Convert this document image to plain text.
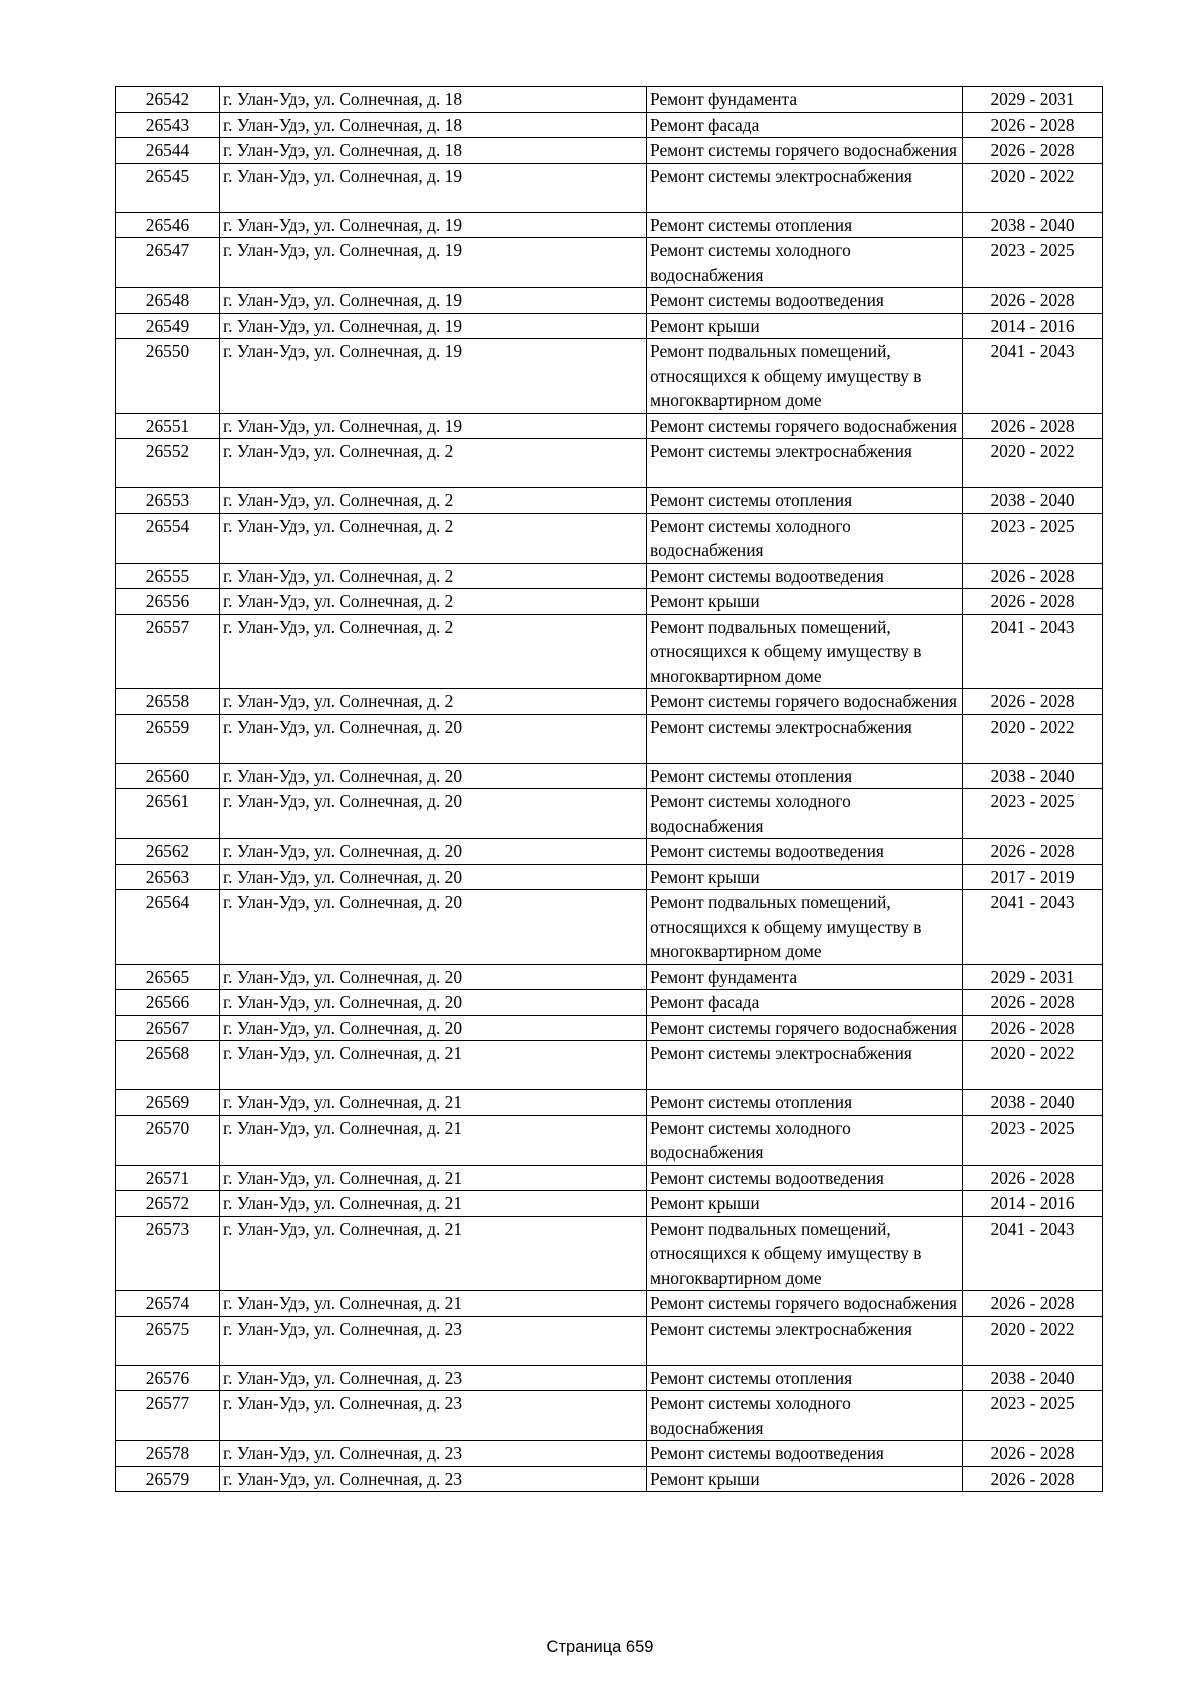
26542	г. Улан-Удэ, ул. Солнечная, д. 18	Ремонт фундамента	2029 - 2031
26543	г. Улан-Удэ, ул. Солнечная, д. 18	Ремонт фасада	2026 - 2028
26544	г. Улан-Удэ, ул. Солнечная, д. 18	Ремонт системы горячего водоснабжения	2026 - 2028
26545	г. Улан-Удэ, ул. Солнечная, д. 19	Ремонт системы электроснабжения	2020 - 2022
26546	г. Улан-Удэ, ул. Солнечная, д. 19	Ремонт системы отопления	2038 - 2040
26547	г. Улан-Удэ, ул. Солнечная, д. 19	Ремонт системы холодного водоснабжения	2023 - 2025
26548	г. Улан-Удэ, ул. Солнечная, д. 19	Ремонт системы водоотведения	2026 - 2028
26549	г. Улан-Удэ, ул. Солнечная, д. 19	Ремонт крыши	2014 - 2016
26550	г. Улан-Удэ, ул. Солнечная, д. 19	Ремонт подвальных помещений, относящихся к общему имуществу в многоквартирном доме	2041 - 2043
26551	г. Улан-Удэ, ул. Солнечная, д. 19	Ремонт системы горячего водоснабжения	2026 - 2028
26552	г. Улан-Удэ, ул. Солнечная, д. 2	Ремонт системы электроснабжения	2020 - 2022
26553	г. Улан-Удэ, ул. Солнечная, д. 2	Ремонт системы отопления	2038 - 2040
26554	г. Улан-Удэ, ул. Солнечная, д. 2	Ремонт системы холодного водоснабжения	2023 - 2025
26555	г. Улан-Удэ, ул. Солнечная, д. 2	Ремонт системы водоотведения	2026 - 2028
26556	г. Улан-Удэ, ул. Солнечная, д. 2	Ремонт крыши	2026 - 2028
26557	г. Улан-Удэ, ул. Солнечная, д. 2	Ремонт подвальных помещений, относящихся к общему имуществу в многоквартирном доме	2041 - 2043
26558	г. Улан-Удэ, ул. Солнечная, д. 2	Ремонт системы горячего водоснабжения	2026 - 2028
26559	г. Улан-Удэ, ул. Солнечная, д. 20	Ремонт системы электроснабжения	2020 - 2022
26560	г. Улан-Удэ, ул. Солнечная, д. 20	Ремонт системы отопления	2038 - 2040
26561	г. Улан-Удэ, ул. Солнечная, д. 20	Ремонт системы холодного водоснабжения	2023 - 2025
26562	г. Улан-Удэ, ул. Солнечная, д. 20	Ремонт системы водоотведения	2026 - 2028
26563	г. Улан-Удэ, ул. Солнечная, д. 20	Ремонт крыши	2017 - 2019
26564	г. Улан-Удэ, ул. Солнечная, д. 20	Ремонт подвальных помещений, относящихся к общему имуществу в многоквартирном доме	2041 - 2043
26565	г. Улан-Удэ, ул. Солнечная, д. 20	Ремонт фундамента	2029 - 2031
26566	г. Улан-Удэ, ул. Солнечная, д. 20	Ремонт фасада	2026 - 2028
26567	г. Улан-Удэ, ул. Солнечная, д. 20	Ремонт системы горячего водоснабжения	2026 - 2028
26568	г. Улан-Удэ, ул. Солнечная, д. 21	Ремонт системы электроснабжения	2020 - 2022
26569	г. Улан-Удэ, ул. Солнечная, д. 21	Ремонт системы отопления	2038 - 2040
26570	г. Улан-Удэ, ул. Солнечная, д. 21	Ремонт системы холодного водоснабжения	2023 - 2025
26571	г. Улан-Удэ, ул. Солнечная, д. 21	Ремонт системы водоотведения	2026 - 2028
26572	г. Улан-Удэ, ул. Солнечная, д. 21	Ремонт крыши	2014 - 2016
26573	г. Улан-Удэ, ул. Солнечная, д. 21	Ремонт подвальных помещений, относящихся к общему имуществу в многоквартирном доме	2041 - 2043
26574	г. Улан-Удэ, ул. Солнечная, д. 21	Ремонт системы горячего водоснабжения	2026 - 2028
26575	г. Улан-Удэ, ул. Солнечная, д. 23	Ремонт системы электроснабжения	2020 - 2022
26576	г. Улан-Удэ, ул. Солнечная, д. 23	Ремонт системы отопления	2038 - 2040
26577	г. Улан-Удэ, ул. Солнечная, д. 23	Ремонт системы холодного водоснабжения	2023 - 2025
26578	г. Улан-Удэ, ул. Солнечная, д. 23	Ремонт системы водоотведения	2026 - 2028
26579	г. Улан-Удэ, ул. Солнечная, д. 23	Ремонт крыши	2026 - 2028
Страница 659
